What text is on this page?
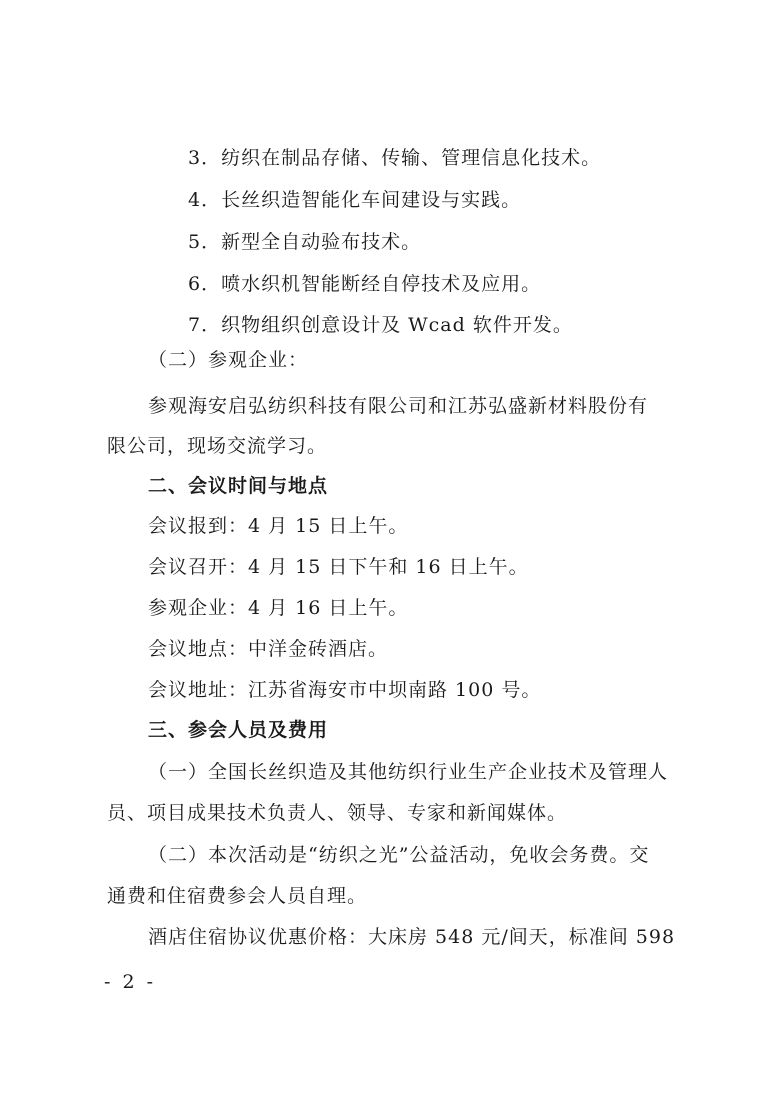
3．纺织在制品存储、传输、管理信息化技术。
4．长丝织造智能化车间建设与实践。
5．新型全自动验布技术。
6．喷水织机智能断经自停技术及应用。
7．织物组织创意设计及 Wcad 软件开发。
（二）参观企业：
参观海安启弘纺织科技有限公司和江苏弘盛新材料股份有
限公司，现场交流学习。
二、会议时间与地点
会议报到：4 月 15 日上午。
会议召开：4 月 15 日下午和 16 日上午。
参观企业：4 月 16 日上午。
会议地点：中洋金砖酒店。
会议地址：江苏省海安市中坝南路 100 号。
三、参会人员及费用
（一）全国长丝织造及其他纺织行业生产企业技术及管理人
员、项目成果技术负责人、领导、专家和新闻媒体。
（二）本次活动是“纺织之光”公益活动，免收会务费。交
通费和住宿费参会人员自理。
酒店住宿协议优惠价格：大床房 548 元/间天，标准间 598
- 2 -
